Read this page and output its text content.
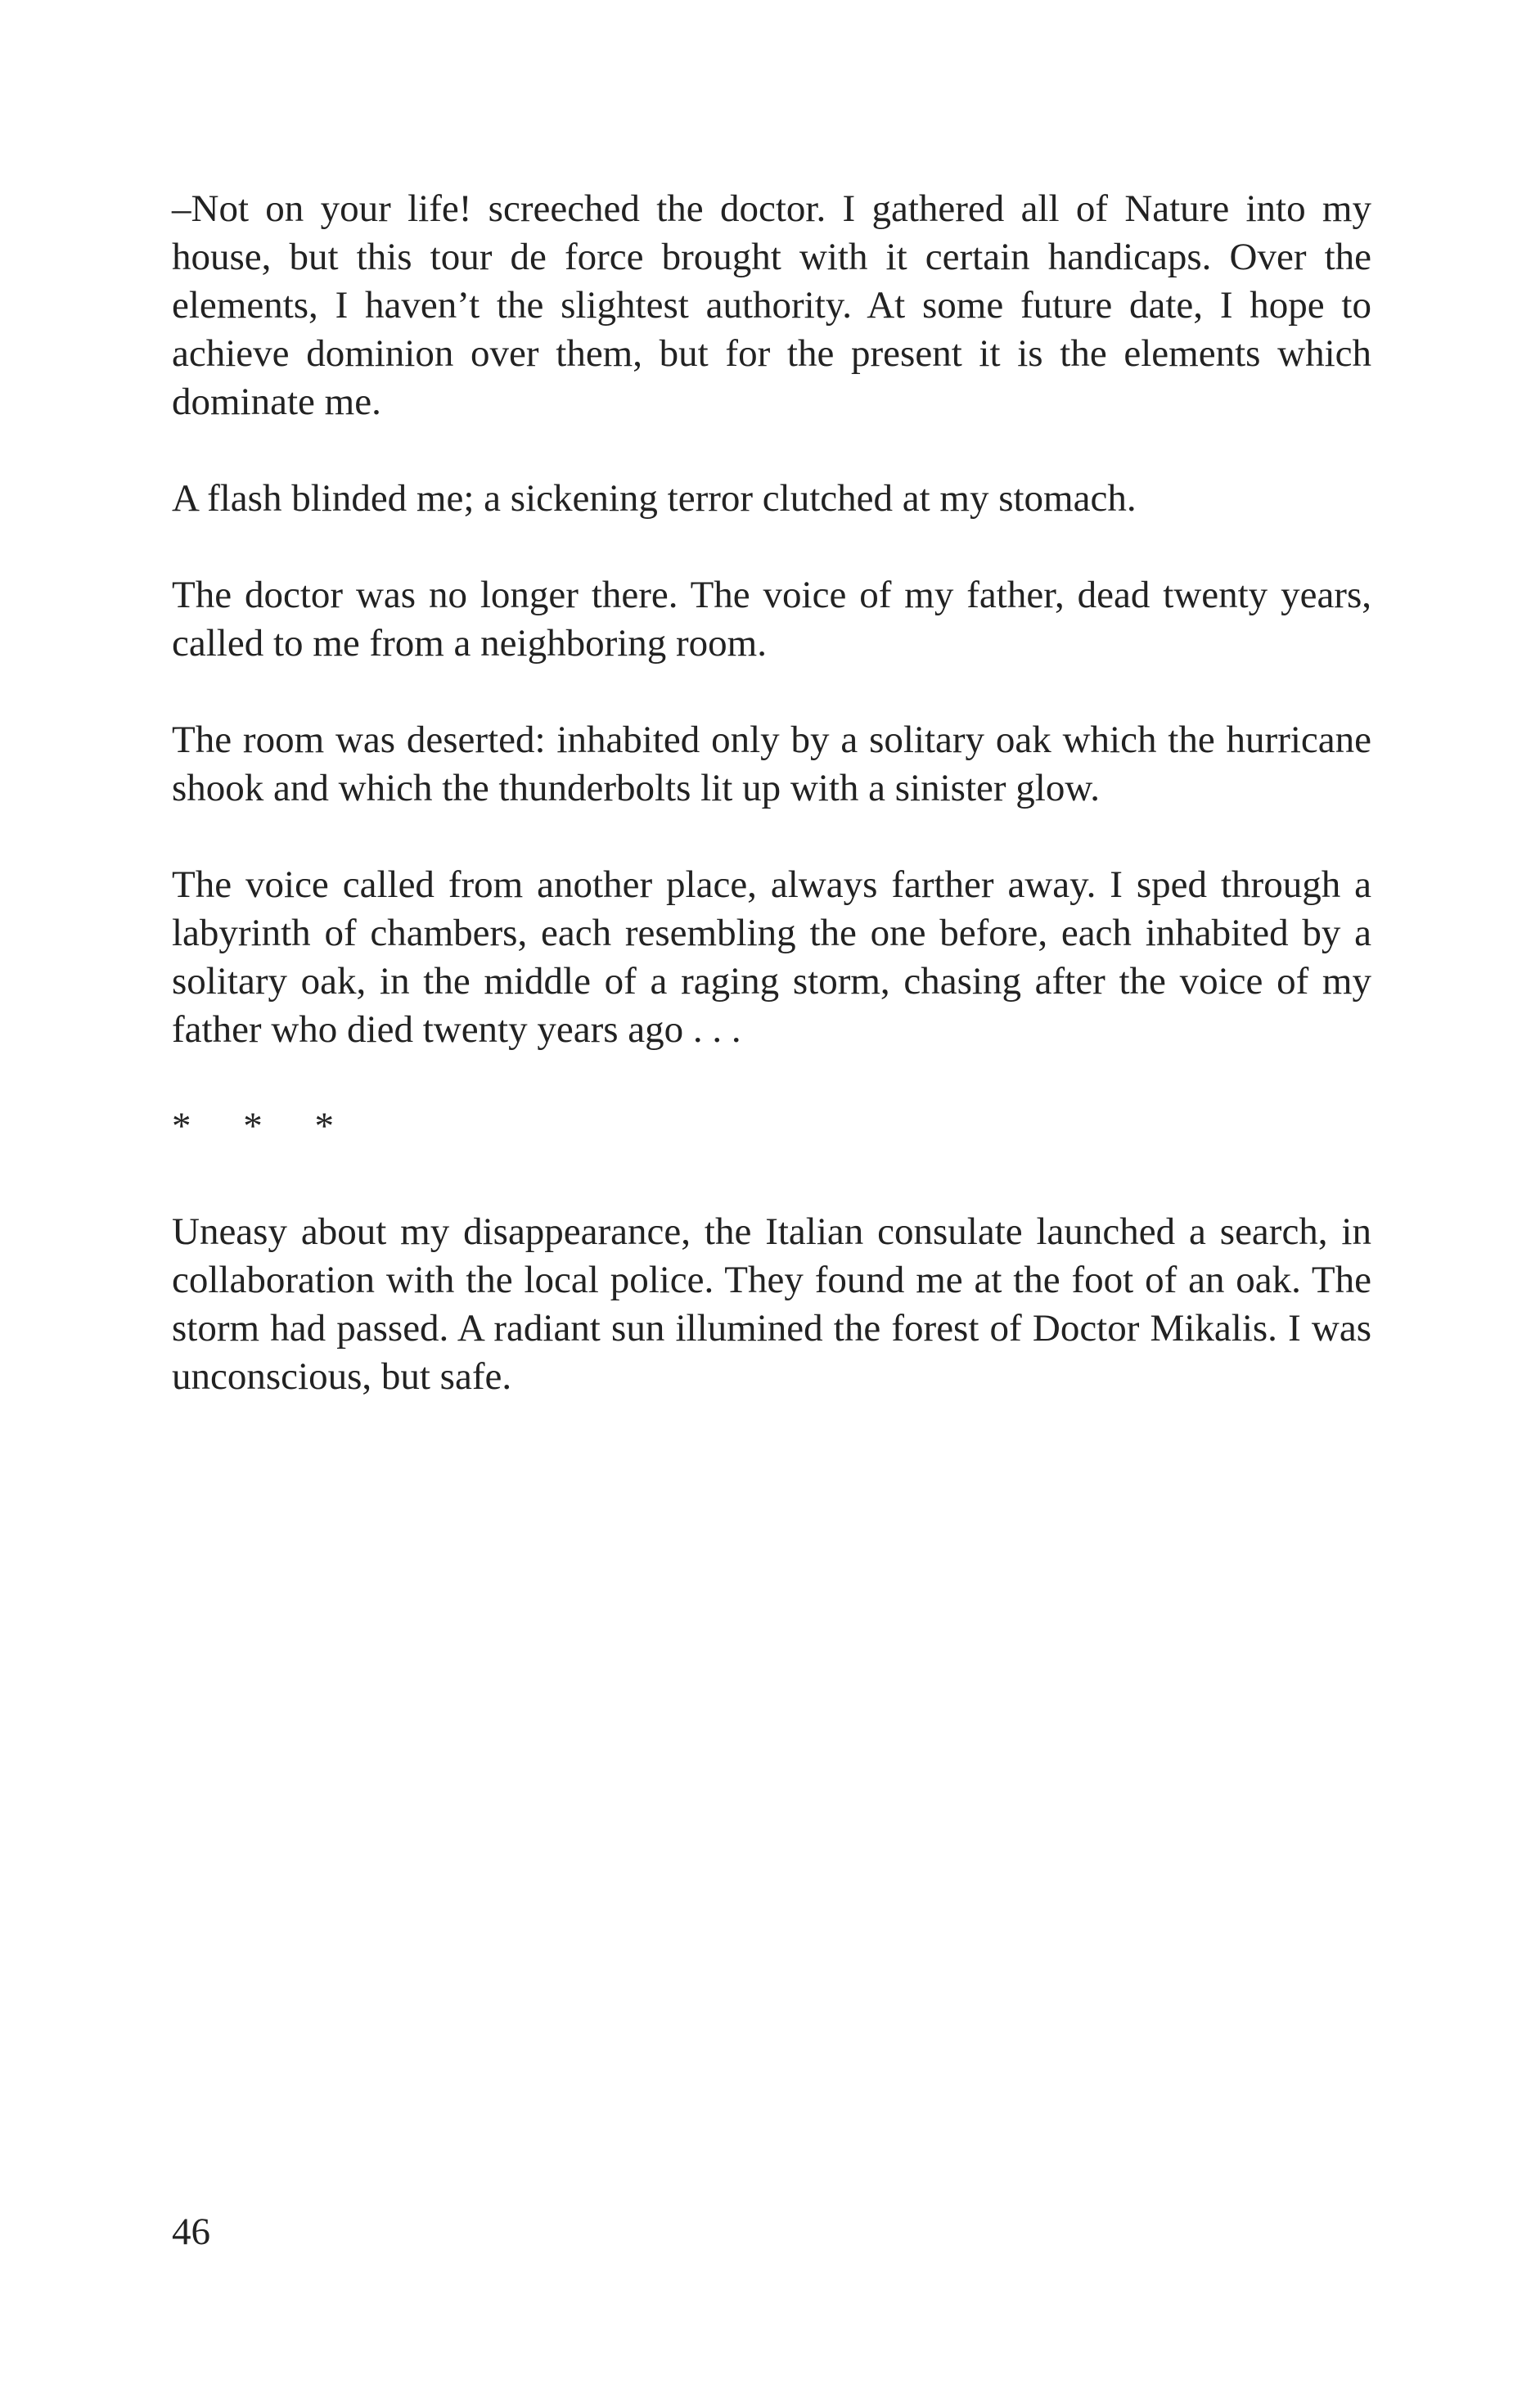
–Not on your life! screeched the doctor. I gathered all of Nature into my house, but this tour de force brought with it certain handicaps. Over the elements, I haven’t the slightest authority. At some future date, I hope to achieve dominion over them, but for the present it is the elements which dominate me.

A flash blinded me; a sickening terror clutched at my stomach.

The doctor was no longer there. The voice of my father, dead twenty years, called to me from a neighboring room.

The room was deserted: inhabited only by a solitary oak which the hurricane shook and which the thunderbolts lit up with a sinister glow.

The voice called from another place, always farther away. I sped through a labyrinth of chambers, each resembling the one before, each inhabited by a solitary oak, in the middle of a raging storm, chasing after the voice of my father who died twenty years ago . . .

* * *

Uneasy about my disappearance, the Italian consulate launched a search, in collaboration with the local police. They found me at the foot of an oak. The storm had passed. A radiant sun illumined the forest of Doctor Mikalis. I was unconscious, but safe.

46
